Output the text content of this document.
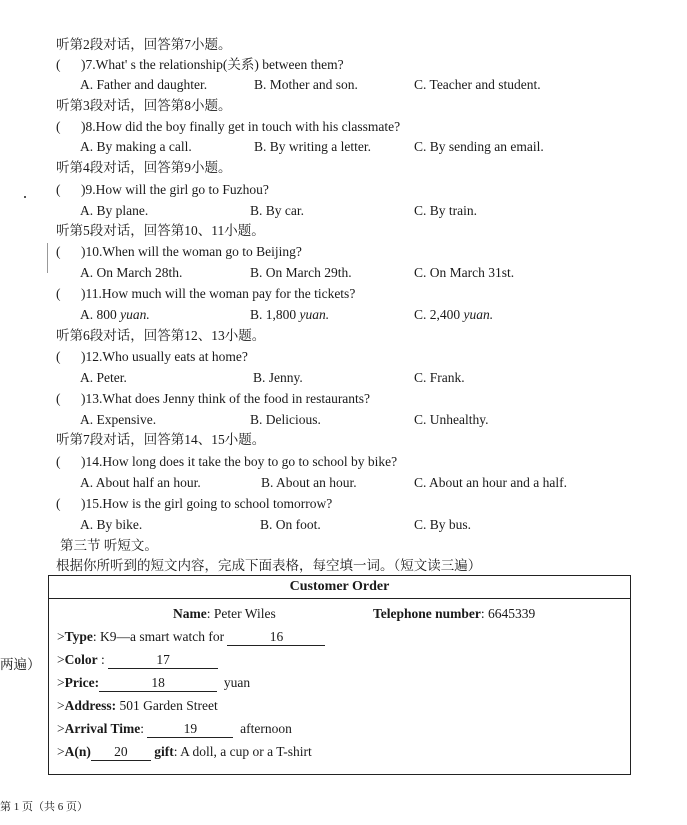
听第2段对话，回答第7小题。
( )7.What' s the relationship(关系) between them?
A. Father and daughter.	B. Mother and son.	C. Teacher and student.
听第3段对话，回答第8小题。
( )8.How did the boy finally get in touch with his classmate?
A. By making a call.	B. By writing a letter.	C. By sending an email.
听第4段对话，回答第9小题。
( )9.How will the girl go to Fuzhou?
A. By plane.	B. By car.	C. By train.
听第5段对话，回答第10、11小题。
( )10.When will the woman go to Beijing?
A. On March 28th.	B. On March 29th.	C. On March 31st.
( )11.How much will the woman pay for the tickets?
A. 800 yuan.	B. 1,800 yuan.	C. 2,400 yuan.
听第6段对话，回答第12、13小题。
( )12.Who usually eats at home?
A. Peter.	B. Jenny.	C. Frank.
( )13.What does Jenny think of the food in restaurants?
A. Expensive.	B. Delicious.	C. Unhealthy.
听第7段对话，回答第14、15小题。
( )14.How long does it take the boy to go to school by bike?
A. About half an hour.	B. About an hour.	C. About an hour and a half.
( )15.How is the girl going to school tomorrow?
A. By bike.	B. On foot.	C. By bus.
第三节 听短文。
根据你所听到的短文内容，完成下面表格，每空填一词。（短文读三遍）
Customer Order
Name: Peter Wiles	Telephone number: 6645339
>Type: K9—a smart watch for	16
>Color :	17
>Price:	18	yuan
>Address: 501 Garden Street
>Arrival Time:	19	afternoon
>A(n) 20 gift: A doll, a cup or a T-shirt
两遍）
第 1 页（共 6 页）
